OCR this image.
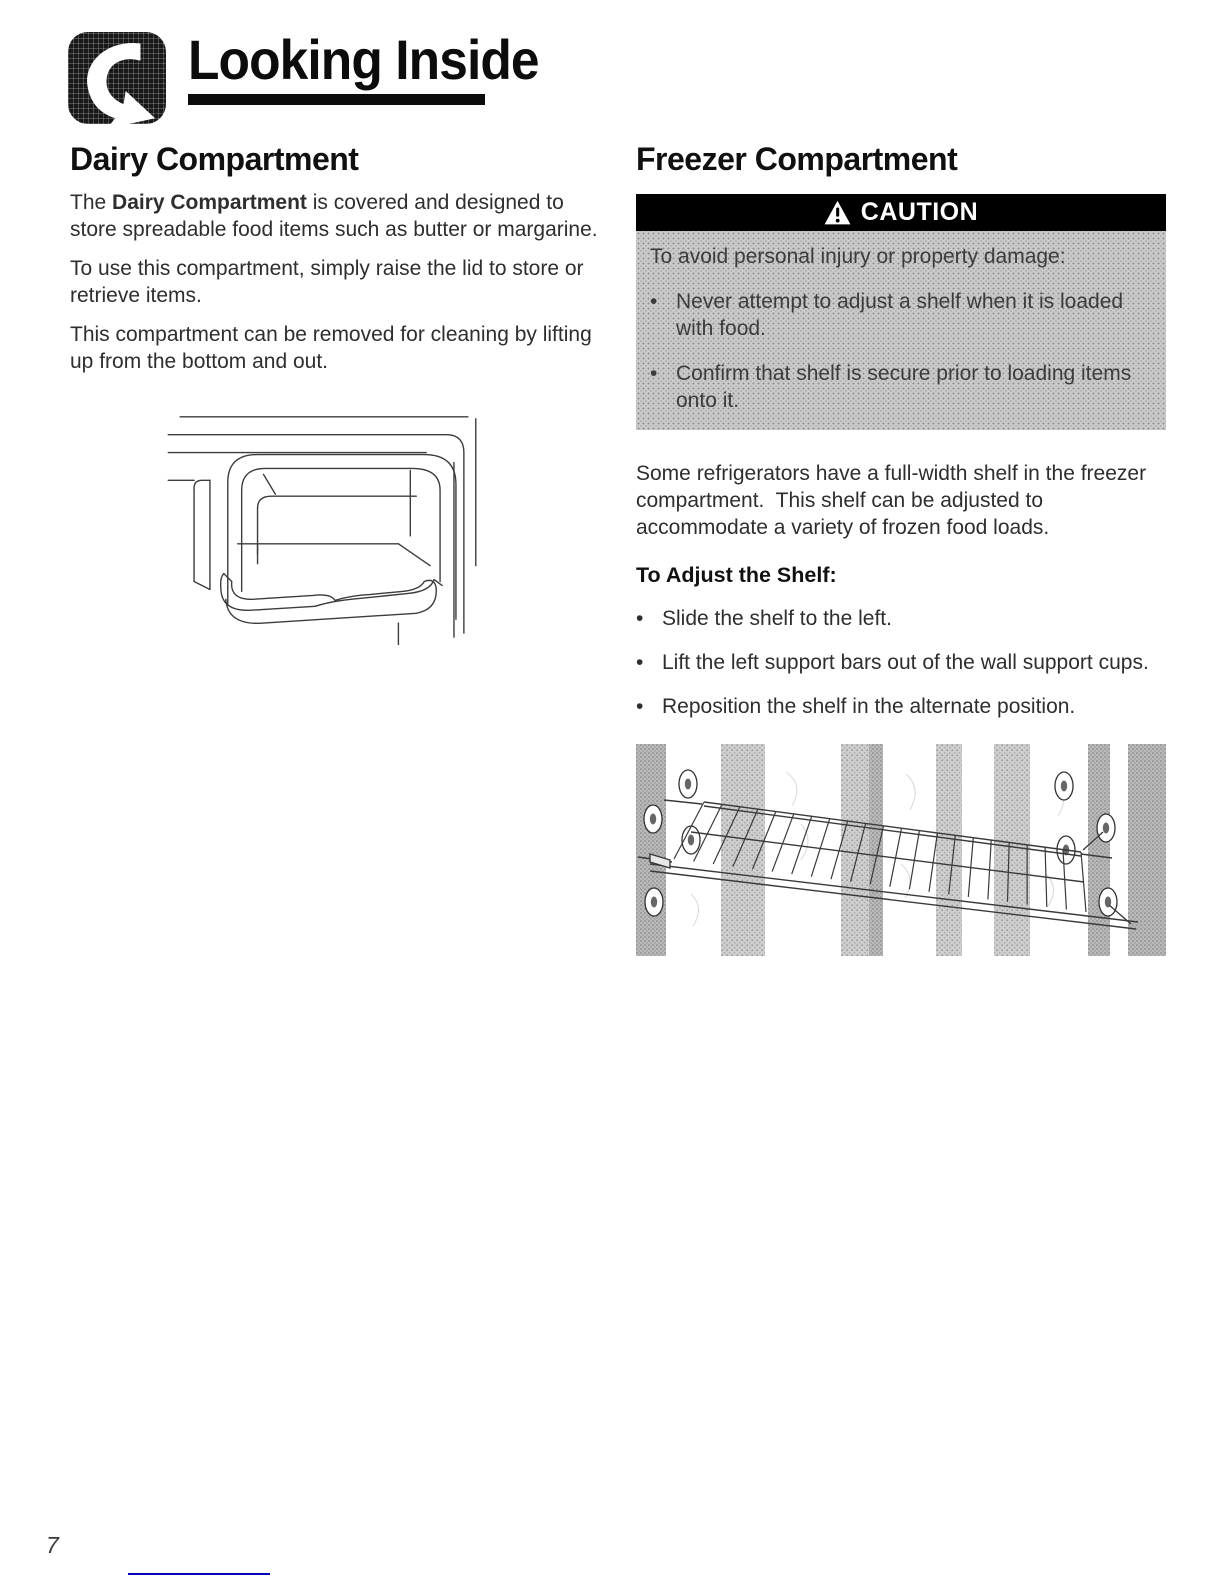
Looking Inside
Dairy Compartment

The Dairy Compartment is covered and designed to store spreadable food items such as butter or margarine.

To use this compartment, simply raise the lid to store or retrieve items.

This compartment can be removed for cleaning by lifting up from the bottom and out.

Freezer Compartment
CAUTION
To avoid personal injury or property damage:
• Never attempt to adjust a shelf when it is loaded with food.
• Confirm that shelf is secure prior to loading items onto it.

Some refrigerators have a full-width shelf in the freezer compartment.  This shelf can be adjusted to accommodate a variety of frozen food loads.

To Adjust the Shelf:

• Slide the shelf to the left.
• Lift the left support bars out of the wall support cups.
• Reposition the shelf in the alternate position.
7
